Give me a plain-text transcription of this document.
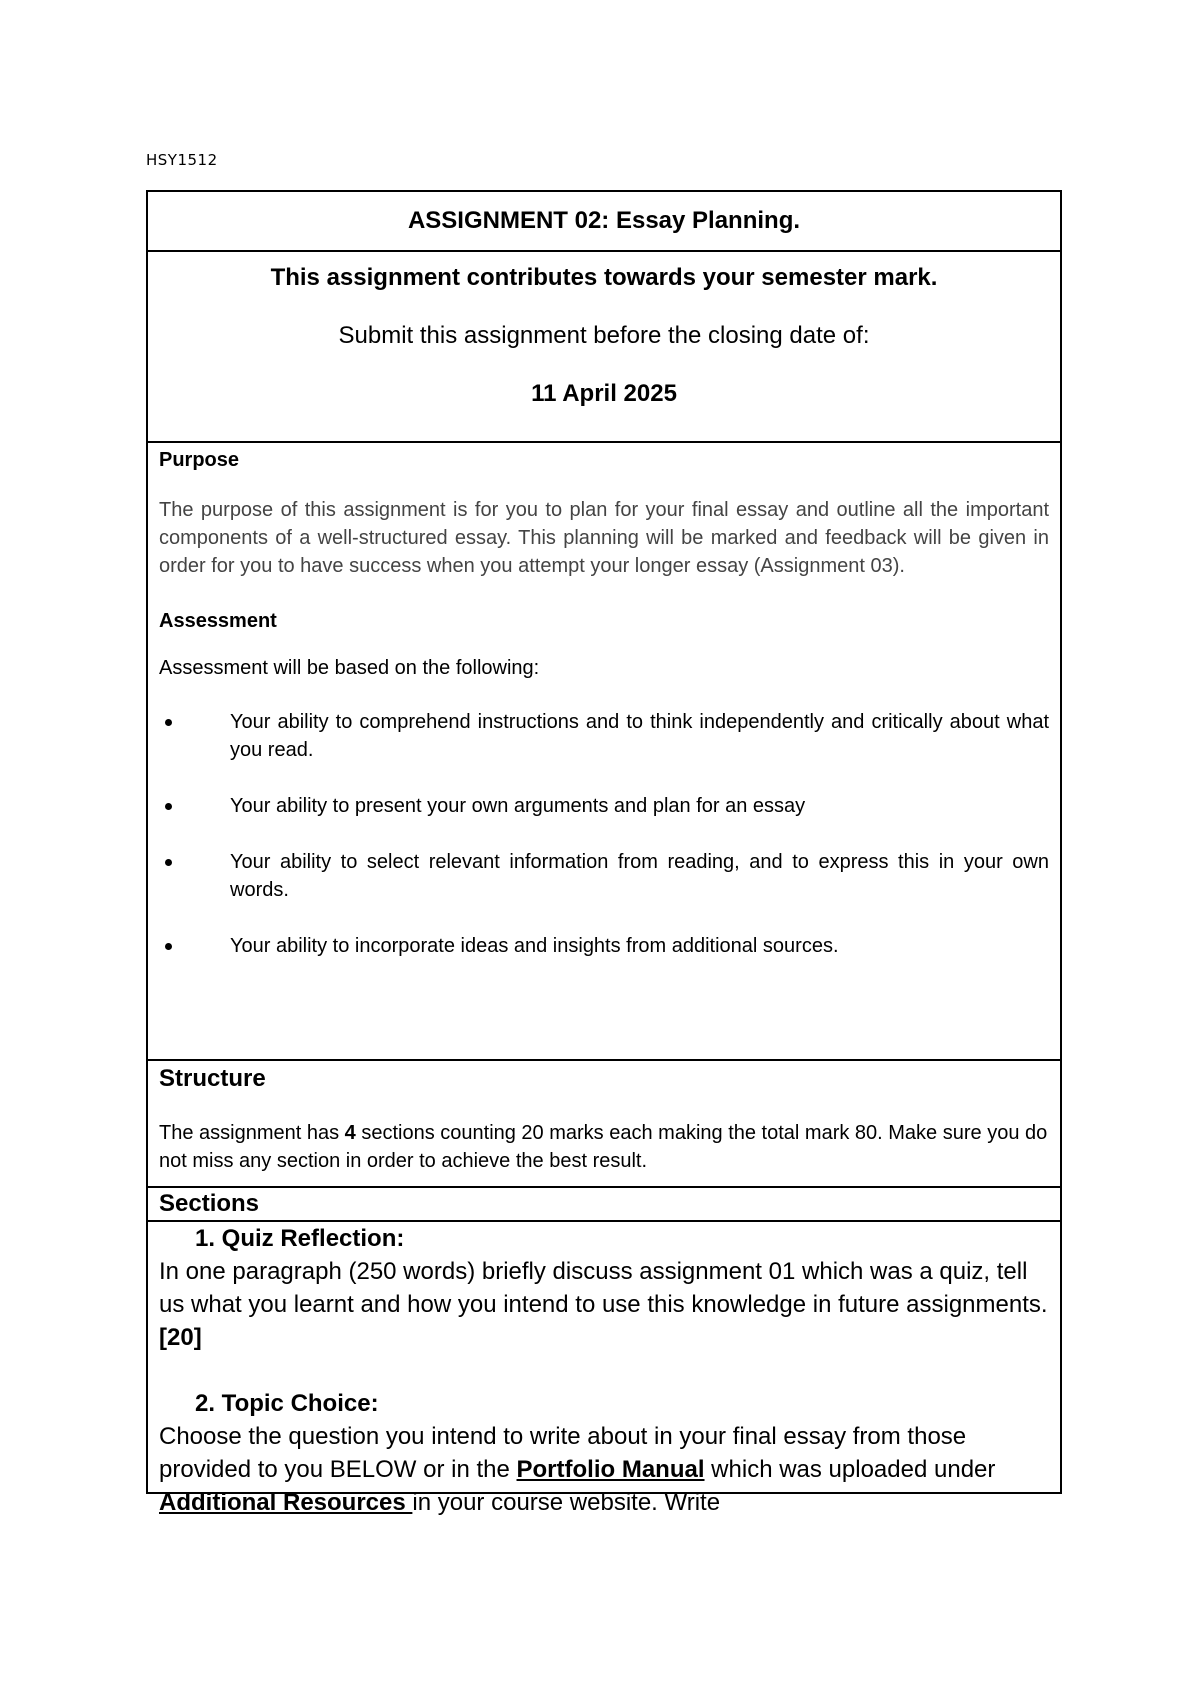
HSY1512
ASSIGNMENT 02: Essay Planning.
This assignment contributes towards your semester mark.
Submit this assignment before the closing date of:
11 April 2025
Purpose
The purpose of this assignment is for you to plan for your final essay and outline all the important components of a well-structured essay. This planning will be marked and feedback will be given in order for you to have success when you attempt your longer essay (Assignment 03).
Assessment
Assessment will be based on the following:
Your ability to comprehend instructions and to think independently and critically about what you read.
Your ability to present your own arguments and plan for an essay
Your ability to select relevant information from reading, and to express this in your own words.
Your ability to incorporate ideas and insights from additional sources.
Structure
The assignment has 4 sections counting 20 marks each making the total mark 80. Make sure you do not miss any section in order to achieve the best result.
Sections
1. Quiz Reflection:
In one paragraph (250 words) briefly discuss assignment 01 which was a quiz, tell us what you learnt and how you intend to use this knowledge in future assignments. [20]
2. Topic Choice:
Choose the question you intend to write about in your final essay from those provided to you BELOW or in the Portfolio Manual which was uploaded under Additional Resources in your course website. Write
